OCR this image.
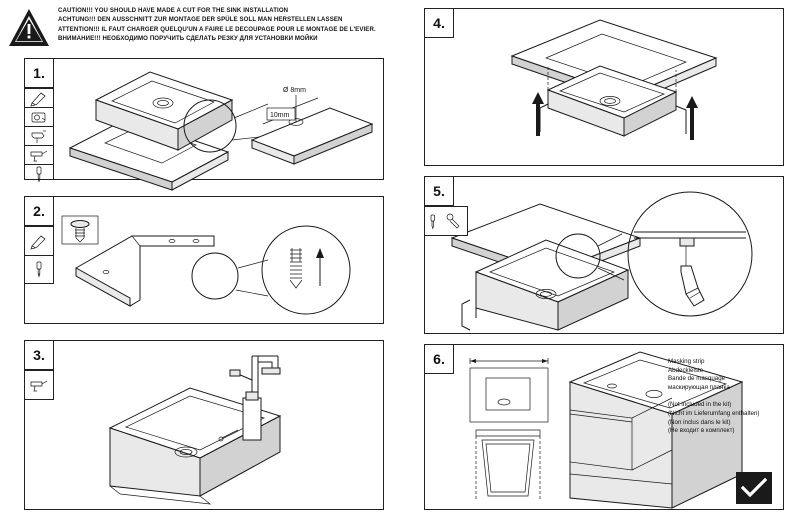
CAUTION!!! YOU SHOULD HAVE MADE A CUT FOR THE SINK INSTALLATION
ACHTUNG!!! DEN AUSSCHNITT ZUR MONTAGE DER SPÜLE SOLL MAN HERSTELLEN LASSEN
ATTENTION!!! IL FAUT CHARGER QUELQU'UN A FAIRE LE DECOUPAGE POUR LE MONTAGE DE L'EVIER.
ВНИМАНИЕ!!! НЕОБХОДИМО ПОРУЧИТЬ СДЕЛАТЬ РЕЗКУ ДЛЯ УСТАНОВКИ МОЙКИ
1.
Ø 8mm
10mm
2.
3.
4.
5.
6.	Masking strip
Abdeckleiste
Bande de masquage
маскирующая планка
(Not included in the kit)
(Nicht im Lieferumfang enthalten)
(Non inclus dans le kit)
(Не входит в комплект)
